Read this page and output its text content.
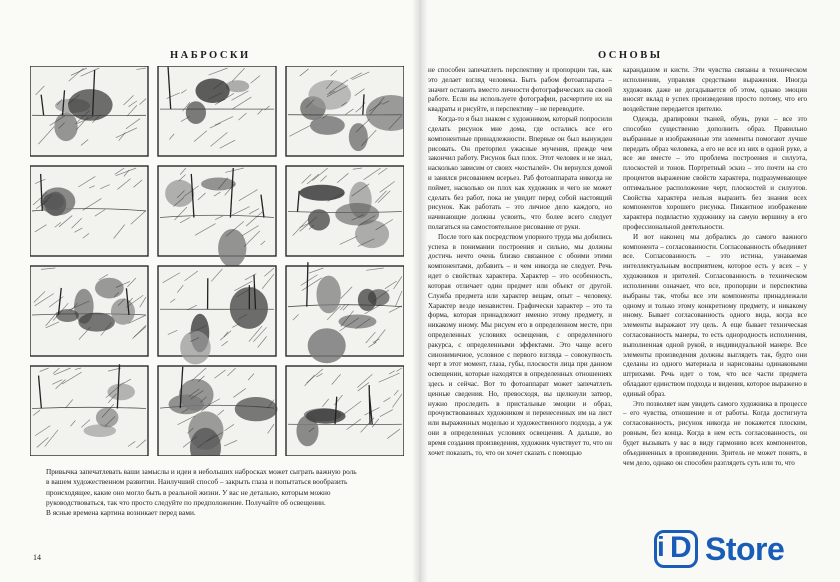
НАБРОСКИ	ОСНОВЫ
Привычка запечатлевать ваши замыслы и идеи в небольших набросках может сыграть важную роль
в вашем художественном развитии. Наилучший способ – закрыть глаза и попытаться вообразить
происходящее, какие оно могло быть в реальной жизни. У вас не детально, которым можно
руководствоваться, так что просто следуйте по предположение. Получайте об освещении.
В ясные времена картина возникает перед вами.
14

не способен запечатлеть перспективу и пропорции так, как это делает взгляд человека. Быть рабом фотоаппарата – значит оставить вместо личности фотографических на своей работе. Если вы используете фотографии, расчертите их на квадраты и рисуйте, и перспективу – не переводите.

Когда-то я был знаком с художником, который попросили сделать рисунок мне дома, где остались все его компонентные принадлежности. Впервые он был вынужден рисовать. Он преторпел ужасные мучения, прежде чем закончил работу. Рисунок был плох. Этот человек и не знал, насколько зависим от своих «костылей». Он вернулся домой и занялся рисованием всерьез. Раб фотоаппарата никогда не поймет, насколько он плох как художник и чего не может сделать без работ, пока не увидит перед собой настоящий рисунок. Как работать – это личное дело каждого, но начинающие должны усвоить, что более всего следует полагаться на самостоятельное рисование от руки.

После того как посредством упорного труда мы добились успеха в понимании построения и сильно, мы должны достичь нечто очень близко связанное с обоими этими компонентами, добавить – и чем никогда не следует. Речь идет о свойствах характера. Характер – это особенность, которая отличает один предмет или объект от другой. Служба предмета или характер вещам, опыт – человеку. Характер везде ненавистен. Графически характер – это та форма, которая принадлежит именно этому предмету, и никакому иному. Мы рисуем его в определенном месте, при определенных условиях освещения, с определенного ракурса, с определенными эффектами. Это чаще всего синонимичное, условное с первого взгляда – совокупность черт в этот момент, глаза, губы, плоскости лица при данном освещении, которые находятся в определенных отношениях здесь и сейчас. Вот то фотоаппарат может запечатлеть ценные сведения. Но, превосходя, вы щелкнули затвор, нужно проследить в пристальные эмоции и образ, прочувствованных художником и перенесенных им на лист или выраженных моделью и художественного подхода, а уж они в определенных условиях освещения. А дальше, во время создания произведения, художник чувствует то, что он хочет показать, то, что он хочет сказать с помощью

карандашом и кисти. Эти чувства связаны в техническом исполнении, управляя средствами выражения. Иногда художник даже не догадывается об этом, однако эмоции вносят вклад в успех произведения просто потому, что его воздействие передается зрителю.

Одежда, драпировки тканей, обувь, руки – все это способно существенно дополнить образ. Правильно выбранные и изображенные эти элементы помогают лучше передать образ человека, а его не все из них в одной руке, а все же вместе – это проблема построения и силуэта, плоскостей и тонов. Портретный эскиз – это почти на сто процентов выражение свойств характера, подразумевающее оптимальное расположение черт, плоскостей и силуэтов. Свойства характера нельзя выразить без знания всех компонентов хорошего рисунка. Пикантное изображение характера подвластно художнику на самую вершину в его профессиональной деятельности.

И вот наконец мы добрались до самого важного компонента – согласованности. Согласованность объединяет все. Согласованность – это истина, узнаваемая интеллектуальным восприятием, которое есть у всех – у художников и зрителей. Согласованность в техническом исполнении означает, что все, пропорции и перспектива выбраны так, чтобы все эти компоненты принадлежали одному и только этому конкретному предмету, и никакому иному. Бывает согласованность одного вида, когда все элементы выражают эту цель. А еще бывает техническая согласованность манеры, то есть однородность исполнения, выполненная одной рукой, в индивидуальной манере. Все элементы произведения должны выглядеть так, будто они сделаны из одного материала и нарисованы одинаковыми штрихами. Речь идет о том, что все части предмета обладают единством подхода и видения, которое выражено в единый образ.

Это позволяет нам увидеть самого художника в процессе – его чувства, отношение и от работы. Когда достигнута согласованность, рисунок никогда не покажется плоским, ровным, без конца. Когда в нем есть согласованность, он будет вызывать у вас в виду гармонию всех компонентов, объединенных в произведении. Зритель не может понять, в чем дело, однако он способен разглядеть суть или то, что

i D Store
